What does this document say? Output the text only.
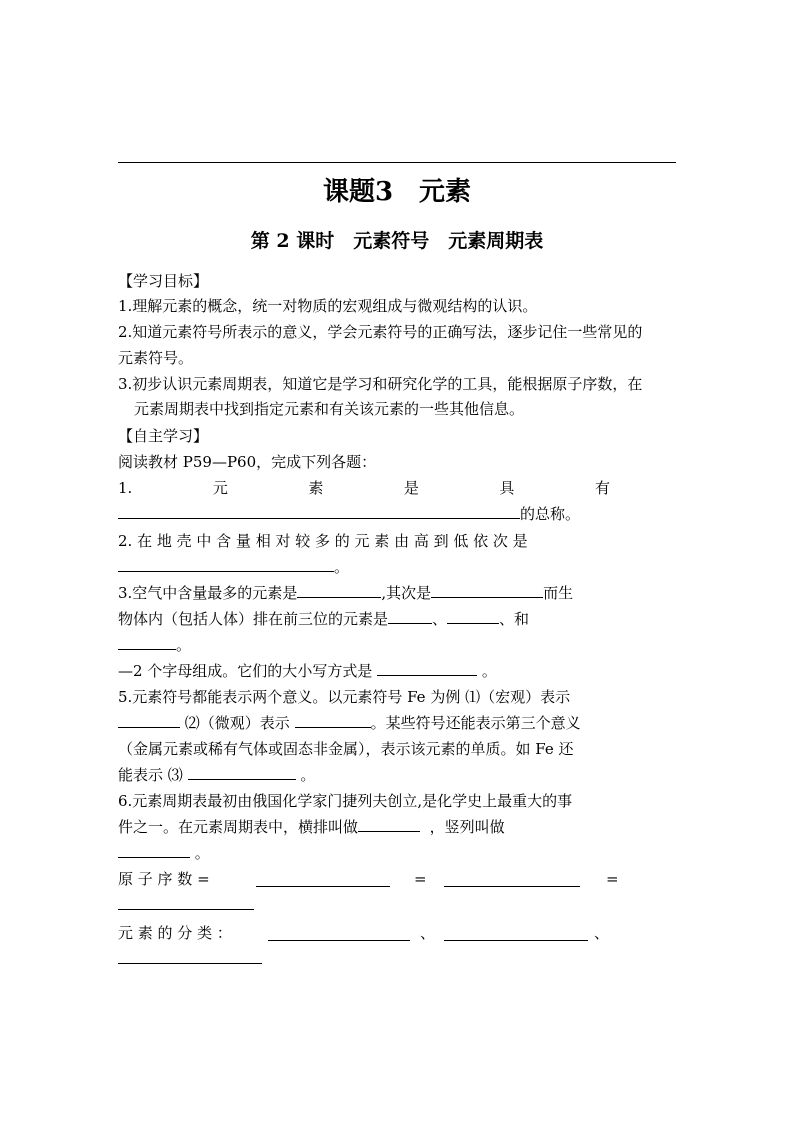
课题3　元素
第 2 课时　元素符号　元素周期表
【学习目标】
1.理解元素的概念，统一对物质的宏观组成与微观结构的认识。
2.知道元素符号所表示的意义，学会元素符号的正确写法，逐步记住一些常见的
元素符号。
3.初步认识元素周期表，知道它是学习和研究化学的工具，能根据原子序数，在
元素周期表中找到指定元素和有关该元素的一些其他信息。
【自主学习】
阅读教材 P59—P60，完成下列各题：
1.	元	素	是	具	有
的总称。
2. 在 地 壳 中 含 量 相 对 较 多 的 元 素 由 高 到 低 依 次 是
。
3.空气中含量最多的元素是	,其次是	而生
物体内（包括人体）排在前三位的元素是	、	、和
。
—2 个字母组成。它们的大小写方式是	。
5.元素符号都能表示两个意义。以元素符号 Fe 为例 ⑴（宏观）表示
⑵（微观）表示	。某些符号还能表示第三个意义
（金属元素或稀有气体或固态非金属），表示该元素的单质。如 Fe 还
能表示 ⑶	。
6.元素周期表最初由俄国化学家门捷列夫创立,是化学史上最重大的事
件之一。在元素周期表中，横排叫做	，竖列叫做
。
原 子 序 数 =	=	=
元 素 的 分 类 ：	、	、
